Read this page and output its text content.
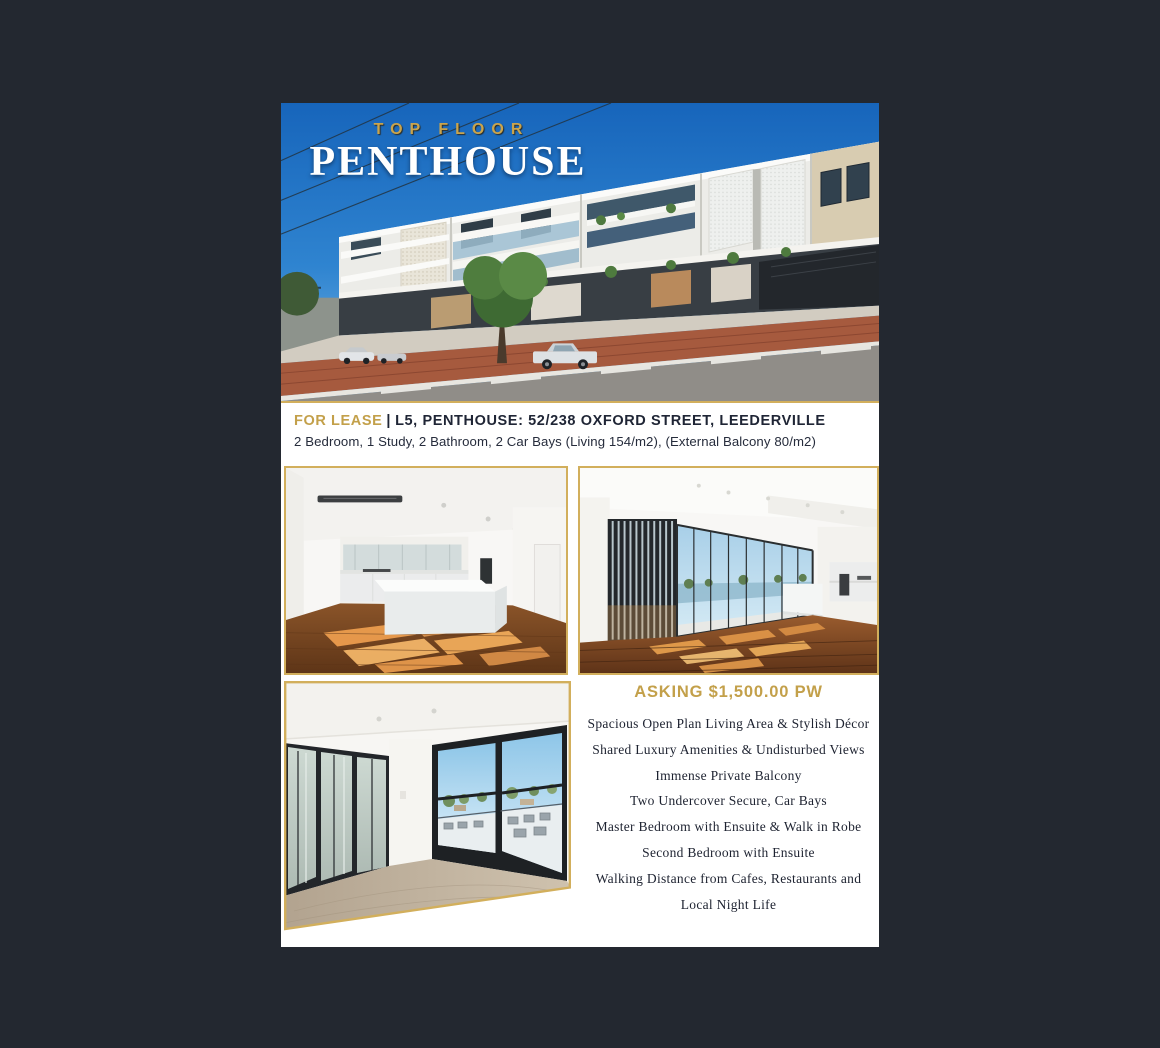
TOP FLOOR
PENTHOUSE
FOR LEASE | L5, PENTHOUSE: 52/238 OXFORD STREET, LEEDERVILLE
2 Bedroom, 1 Study, 2 Bathroom, 2 Car Bays (Living 154/m2), (External Balcony 80/m2)
ASKING $1,500.00 PW
Spacious Open Plan Living Area & Stylish Décor
Shared Luxury Amenities & Undisturbed Views
Immense Private Balcony
Two Undercover Secure, Car Bays
Master Bedroom with Ensuite & Walk in Robe
Second Bedroom with Ensuite
Walking Distance from Cafes, Restaurants and Local Night Life
